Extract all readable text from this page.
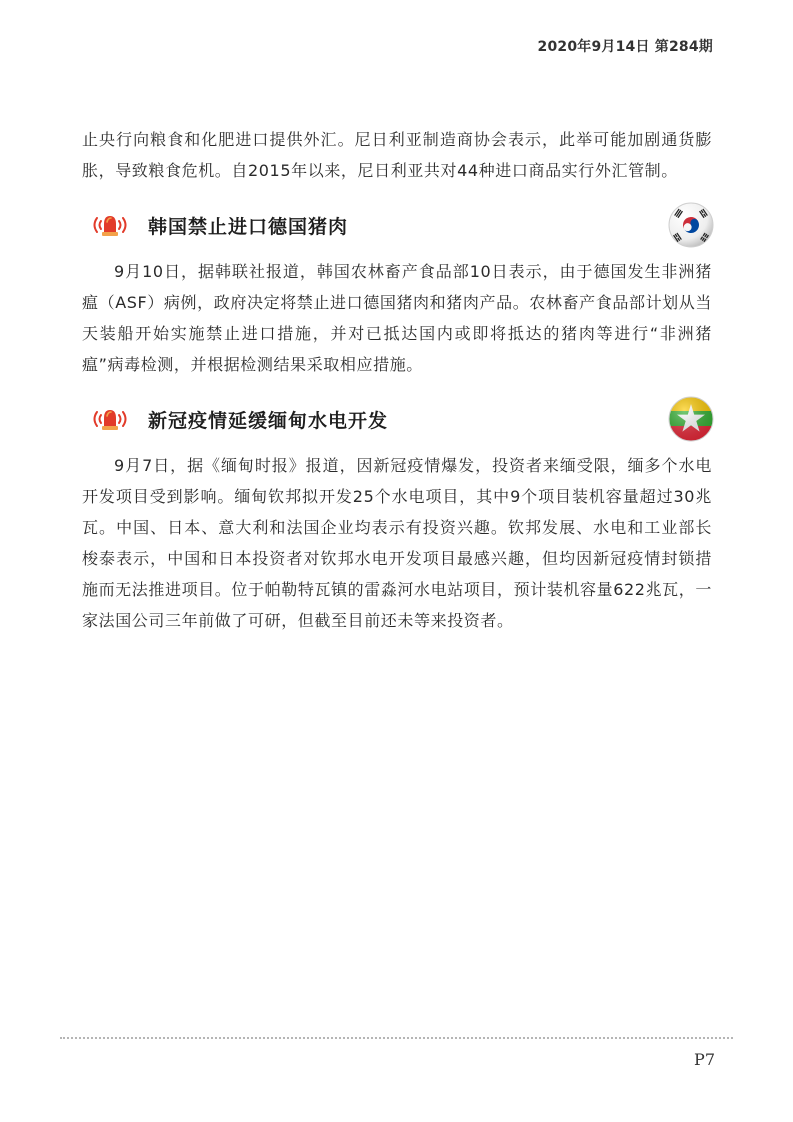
2020年9月14日 第284期

止央行向粮食和化肥进口提供外汇。尼日利亚制造商协会表示，此举可能加剧通货膨胀，导致粮食危机。自2015年以来，尼日利亚共对44种进口商品实行外汇管制。

韩国禁止进口德国猪肉

9月10日，据韩联社报道，韩国农林畜产食品部10日表示，由于德国发生非洲猪瘟（ASF）病例，政府决定将禁止进口德国猪肉和猪肉产品。农林畜产食品部计划从当天装船开始实施禁止进口措施，并对已抵达国内或即将抵达的猪肉等进行“非洲猪瘟”病毒检测，并根据检测结果采取相应措施。

新冠疫情延缓缅甸水电开发

9月7日，据《缅甸时报》报道，因新冠疫情爆发，投资者来缅受限，缅多个水电开发项目受到影响。缅甸钦邦拟开发25个水电项目，其中9个项目装机容量超过30兆瓦。中国、日本、意大利和法国企业均表示有投资兴趣。钦邦发展、水电和工业部长梭泰表示，中国和日本投资者对钦邦水电开发项目最感兴趣，但均因新冠疫情封锁措施而无法推进项目。位于帕勒特瓦镇的雷淼河水电站项目，预计装机容量622兆瓦，一家法国公司三年前做了可研，但截至目前还未等来投资者。

P7
